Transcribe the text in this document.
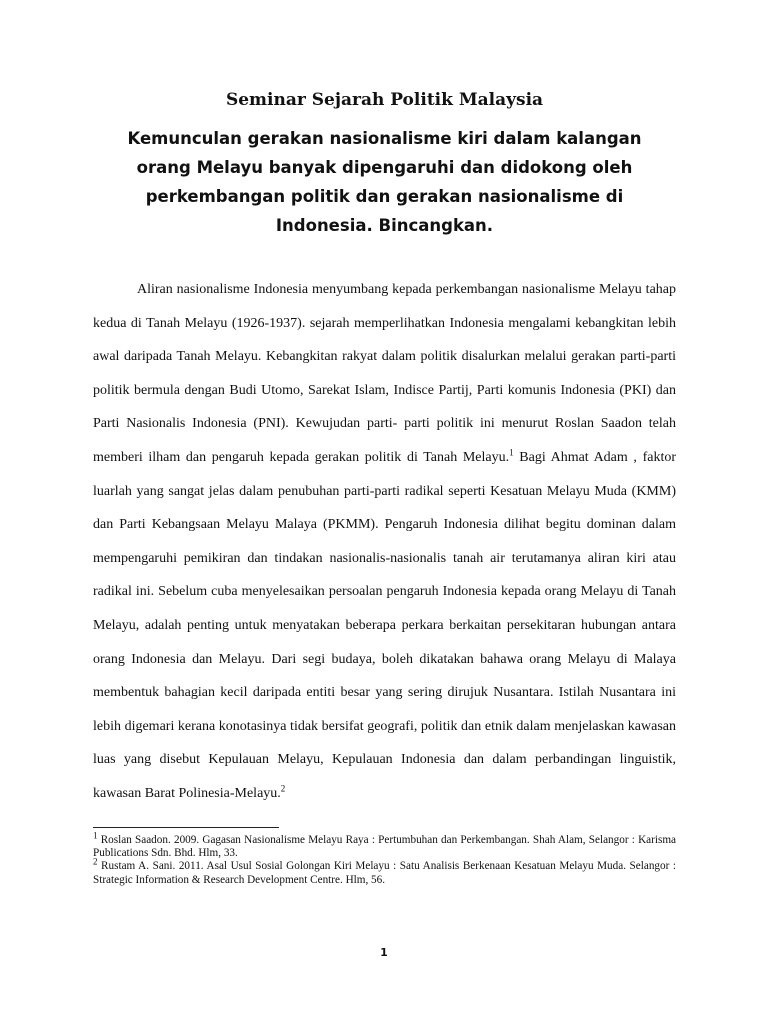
Seminar Sejarah Politik Malaysia
Kemunculan gerakan nasionalisme kiri dalam kalangan orang Melayu banyak dipengaruhi dan didokong oleh perkembangan politik dan gerakan nasionalisme di Indonesia. Bincangkan.

Aliran nasionalisme Indonesia menyumbang kepada perkembangan nasionalisme Melayu tahap kedua di Tanah Melayu (1926-1937). sejarah memperlihatkan Indonesia mengalami kebangkitan lebih awal daripada Tanah Melayu. Kebangkitan rakyat dalam politik disalurkan melalui gerakan parti-parti politik bermula dengan Budi Utomo, Sarekat Islam, Indisce Partij, Parti komunis Indonesia (PKI) dan Parti Nasionalis Indonesia (PNI). Kewujudan parti- parti politik ini menurut Roslan Saadon telah memberi ilham dan pengaruh kepada gerakan politik di Tanah Melayu.$^1$ Bagi Ahmat Adam , faktor luarlah yang sangat jelas dalam penubuhan parti-parti radikal seperti Kesatuan Melayu Muda (KMM) dan Parti Kebangsaan Melayu Malaya (PKMM). Pengaruh Indonesia dilihat begitu dominan dalam mempengaruhi pemikiran dan tindakan nasionalis-nasionalis tanah air terutamanya aliran kiri atau radikal ini. Sebelum cuba menyelesaikan persoalan pengaruh Indonesia kepada orang Melayu di Tanah Melayu, adalah penting untuk menyatakan beberapa perkara berkaitan persekitaran hubungan antara orang Indonesia dan Melayu. Dari segi budaya, boleh dikatakan bahawa orang Melayu di Malaya membentuk bahagian kecil daripada entiti besar yang sering dirujuk Nusantara. Istilah Nusantara ini lebih digemari kerana konotasinya tidak bersifat geografi, politik dan etnik dalam menjelaskan kawasan luas yang disebut Kepulauan Melayu, Kepulauan Indonesia dan dalam perbandingan linguistik, kawasan Barat Polinesia-Melayu.$^2$

$^1$ Roslan Saadon. 2009. Gagasan Nasionalisme Melayu Raya : Pertumbuhan dan Perkembangan. Shah Alam, Selangor : Karisma Publications Sdn. Bhd. Hlm, 33.

$^2$ Rustam A. Sani. 2011. Asal Usul Sosial Golongan Kiri Melayu : Satu Analisis Berkenaan Kesatuan Melayu Muda. Selangor : Strategic Information & Research Development Centre. Hlm, 56.

1
